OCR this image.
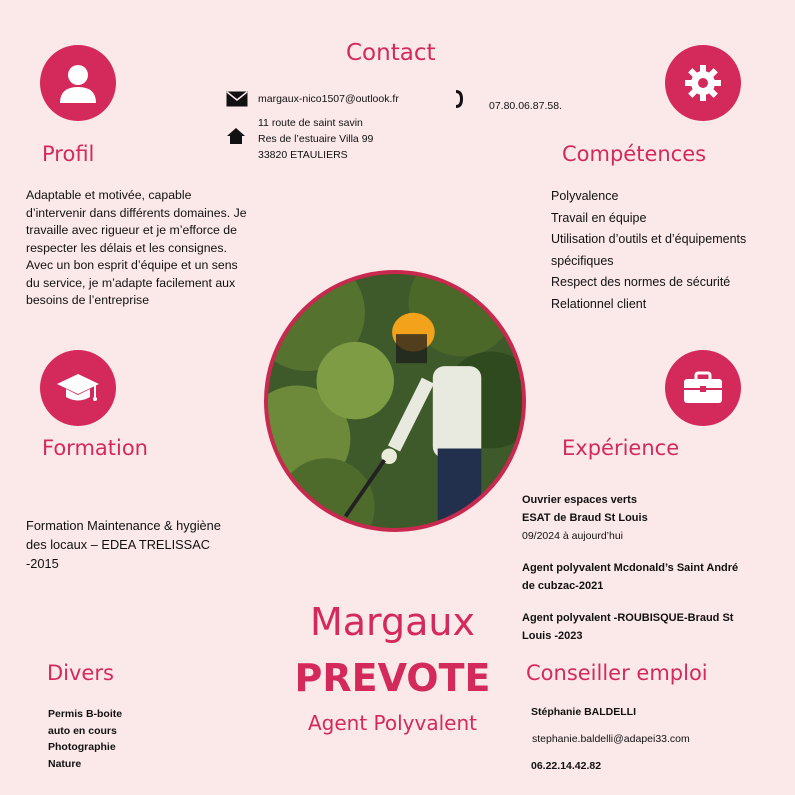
Contact
margaux-nico1507@outlook.fr
07.80.06.87.58.
11 route de saint savin
Res de l’estuaire Villa 99
33820 ETAULIERS
Profil
Adaptable et motivée, capable d’intervenir dans différents domaines. Je travaille avec rigueur et je m’efforce de respecter les délais et les consignes. Avec un bon esprit d’équipe et un sens du service, je m’adapte facilement aux besoins de l’entreprise
Compétences
Polyvalence
Travail en équipe
Utilisation d’outils et d’équipements spécifiques
Respect des normes de sécurité
Relationnel client
Formation
Formation Maintenance & hygiène des locaux – EDEA TRELISSAC -2015
Expérience
Ouvrier espaces verts
ESAT de Braud St Louis
09/2024 à aujourd’hui
Agent polyvalent Mcdonald’s Saint André de cubzac-2021
Agent polyvalent -ROUBISQUE-Braud St Louis -2023
Margaux
PREVOTE
Agent Polyvalent
Divers
Permis B-boite auto en cours
Photographie
Nature
Conseiller emploi
Stéphanie BALDELLI
stephanie.baldelli@adapei33.com
06.22.14.42.82
